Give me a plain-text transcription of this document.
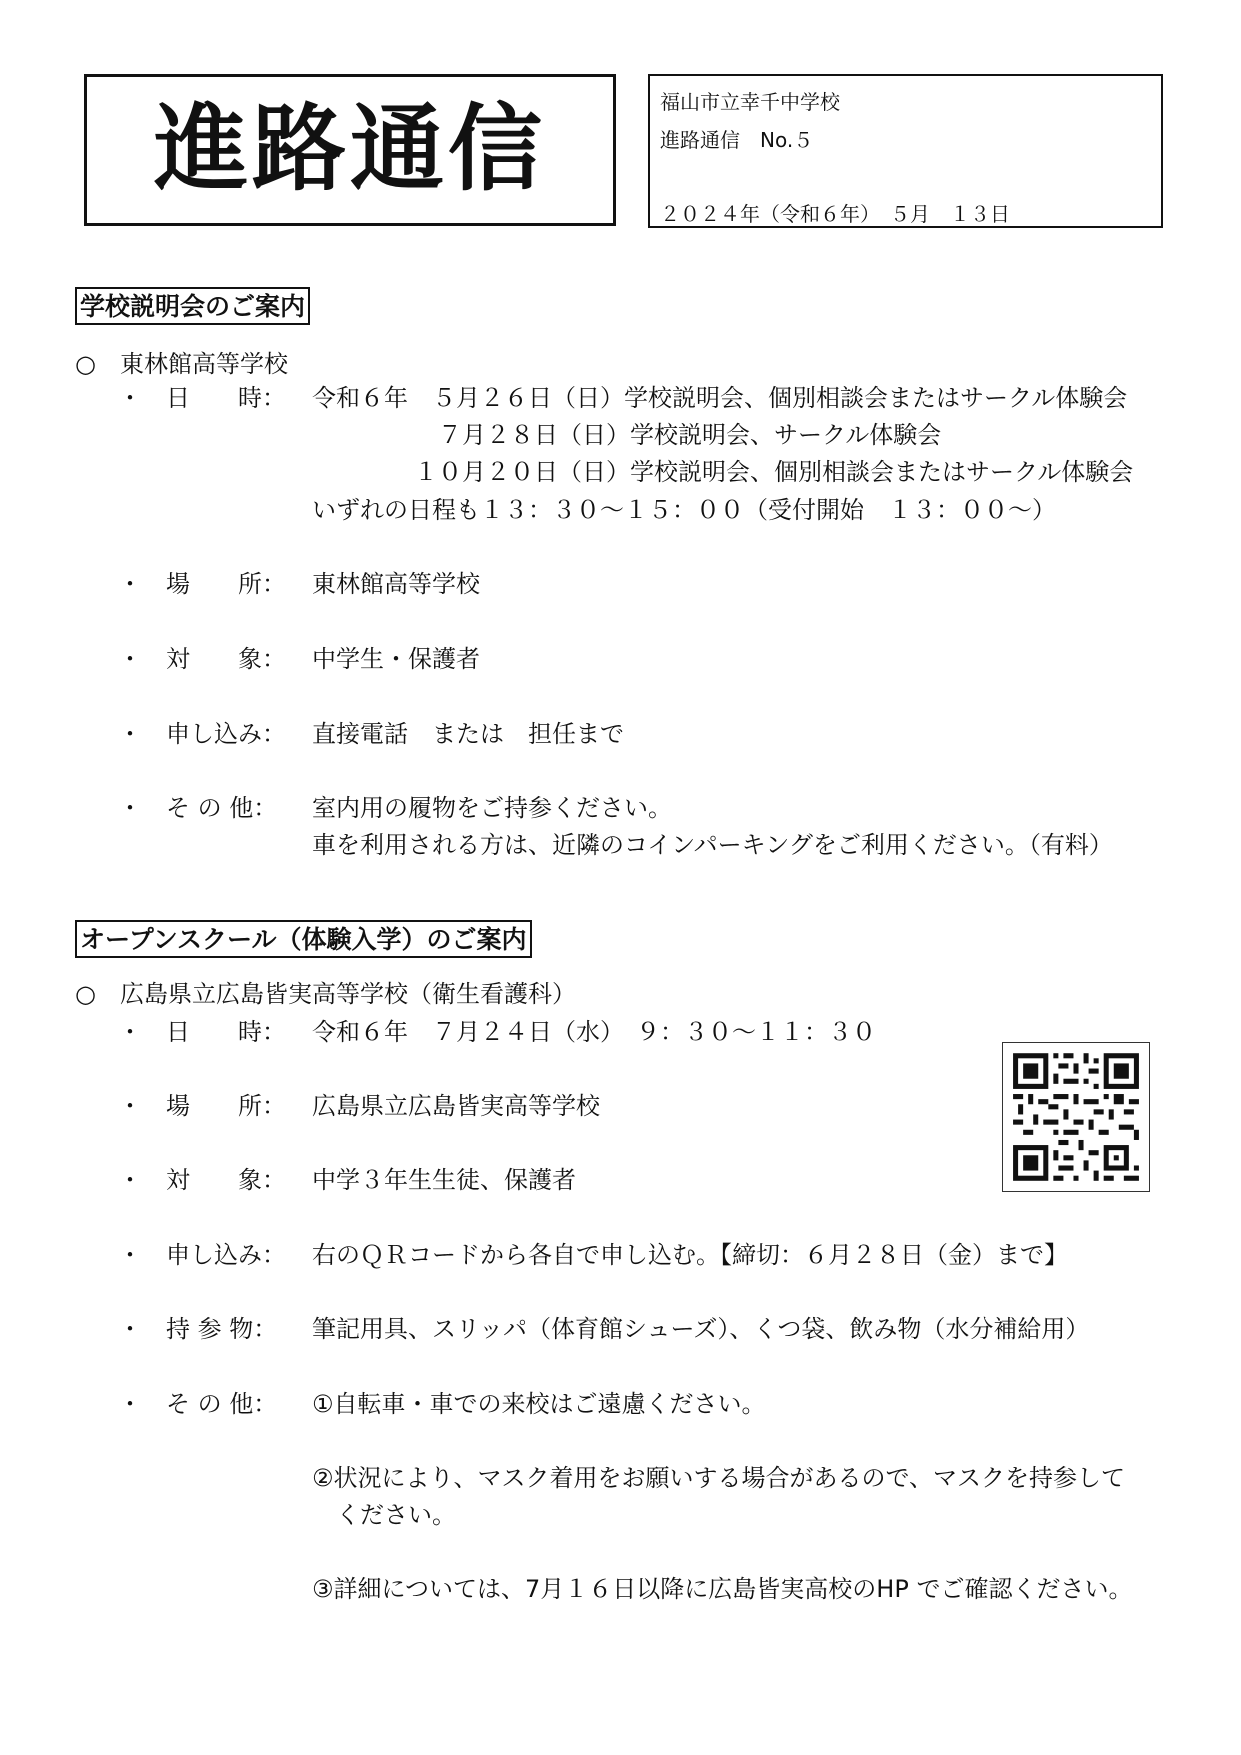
進路通信	福山市立幸千中学校
進路通信　No.５
２０２４年（令和６年）　５月　１３日
学校説明会のご案内
○　東林館高等学校
・　日　　時： 令和６年　５月２６日（日）学校説明会、個別相談会またはサークル体験会
７月２８日（日）学校説明会、サークル体験会
１０月２０日（日）学校説明会、個別相談会またはサークル体験会
いずれの日程も１３：３０～１５：００（受付開始　１３：００～）
・　場　　所： 東林館高等学校
・　対　　象： 中学生・保護者
・　申し込み： 直接電話　または　担任まで
・　そ の 他： 室内用の履物をご持参ください。
車を利用される方は、近隣のコインパーキングをご利用ください。（有料）
オープンスクール（体験入学）のご案内
○　広島県立広島皆実高等学校（衛生看護科）
・　日　　時： 令和６年　７月２４日（水）　９：３０～１１：３０
・　場　　所： 広島県立広島皆実高等学校
・　対　　象： 中学３年生生徒、保護者
・　申し込み： 右のＱＲコードから各自で申し込む。【締切：６月２８日（金）まで】
・　持 参 物： 筆記用具、スリッパ（体育館シューズ）、くつ袋、飲み物（水分補給用）
・　そ の 他： ①自転車・車での来校はご遠慮ください。
②状況により、マスク着用をお願いする場合があるので、マスクを持参して
ください。
③詳細については、7月１６日以降に広島皆実高校のHP でご確認ください。
